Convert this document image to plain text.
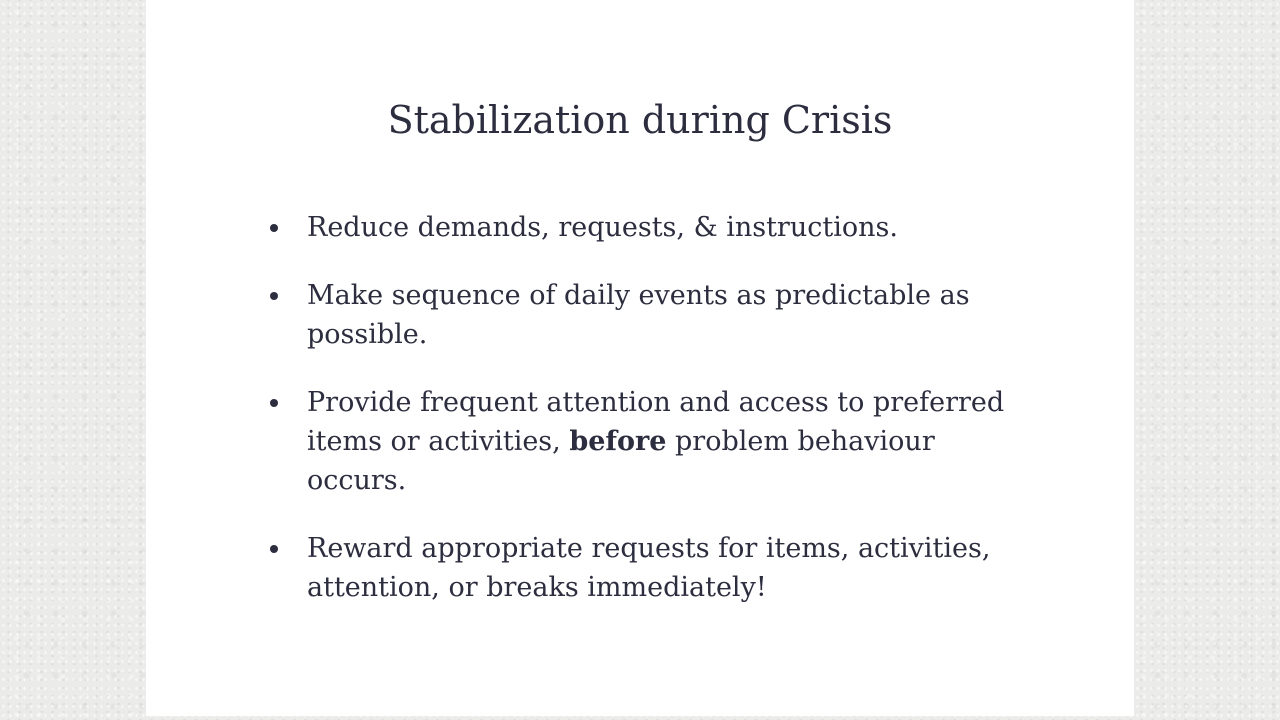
Stabilization during Crisis
Reduce demands, requests, & instructions.
Make sequence of daily events as predictable as possible.
Provide frequent attention and access to preferred items or activities, before problem behaviour occurs.
Reward appropriate requests for items, activities, attention, or breaks immediately!
